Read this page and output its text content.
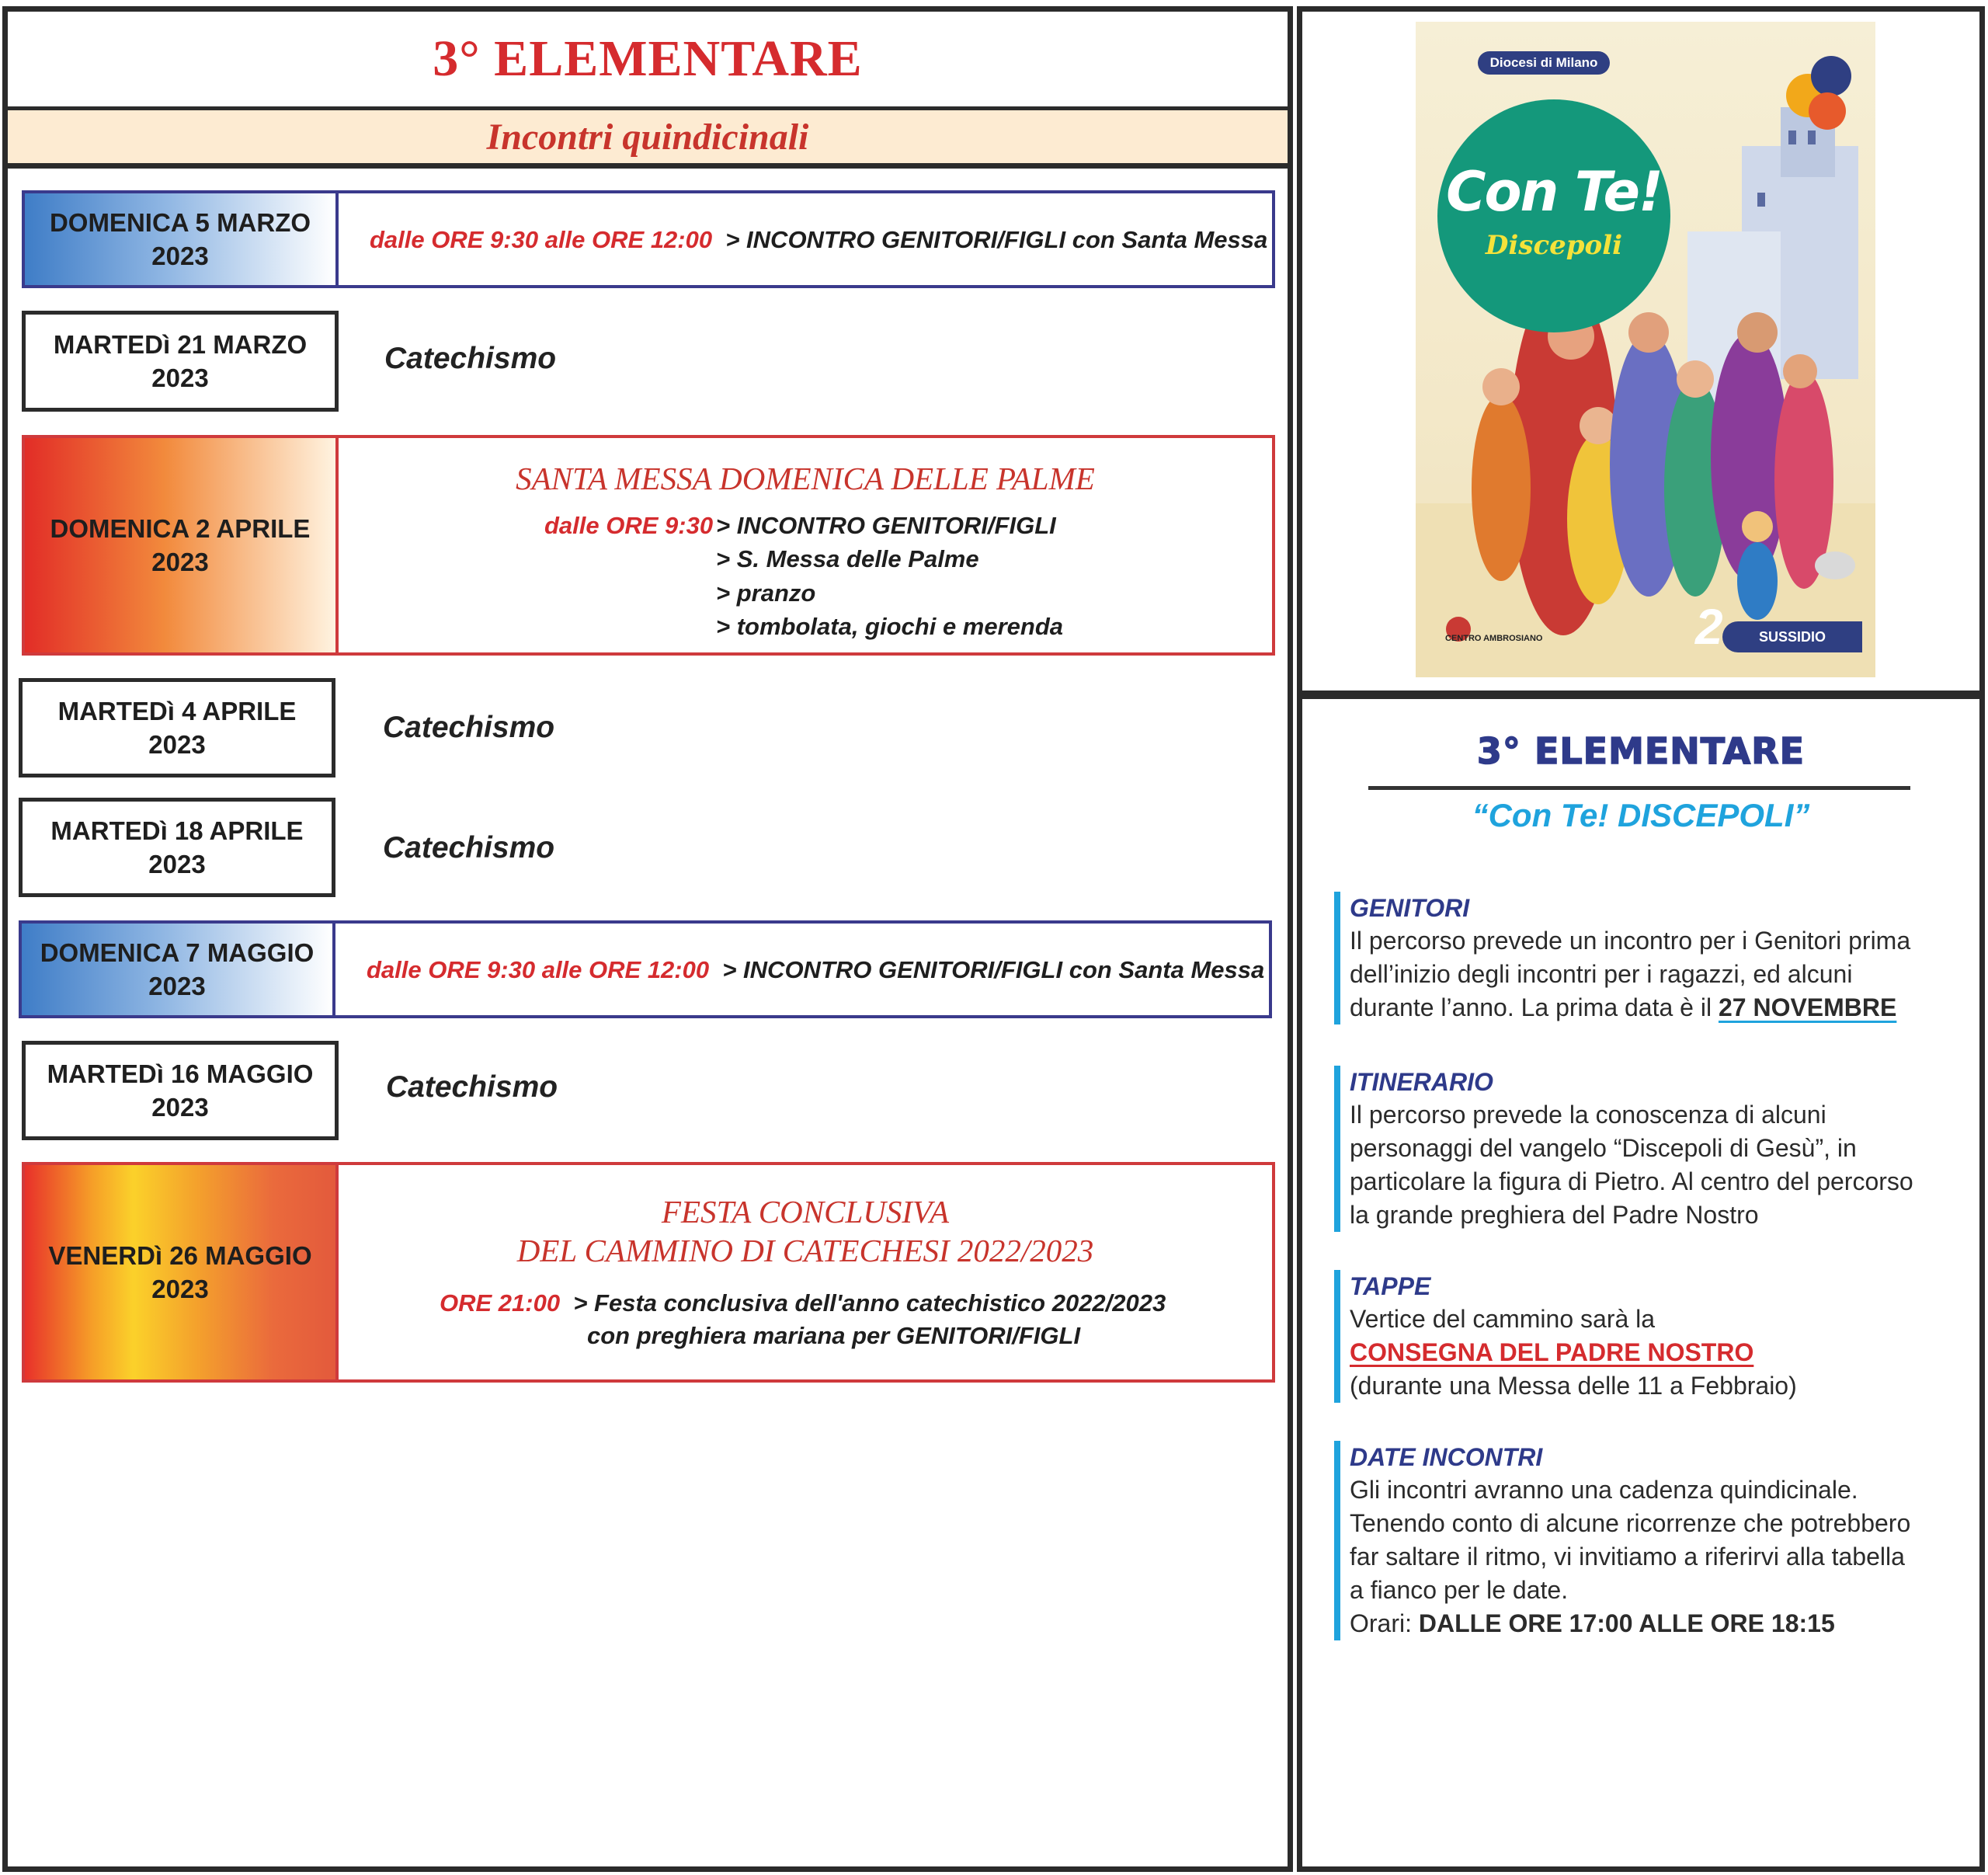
3° ELEMENTARE
Incontri quindicinali
DOMENICA 5 MARZO
2023
dalle ORE 9:30 alle ORE 12:00 > INCONTRO GENITORI/FIGLI con Santa Messa
MARTEDì 21 MARZO
2023
Catechismo
DOMENICA 2 APRILE
2023
SANTA MESSA DOMENICA DELLE PALME
dalle ORE 9:30 > INCONTRO GENITORI/FIGLI
> S. Messa delle Palme
> pranzo
> tombolata, giochi e merenda
MARTEDì 4 APRILE
2023
Catechismo
MARTEDì 18 APRILE
2023	Catechismo
DOMENICA 7 MAGGIO
2023
dalle ORE 9:30 alle ORE 12:00 > INCONTRO GENITORI/FIGLI con Santa Messa
MARTEDì 16 MAGGIO
2023
Catechismo
VENERDì 26 MAGGIO
2023
FESTA CONCLUSIVA
DEL CAMMINO DI CATECHESI 2022/2023
ORE 21:00 > Festa conclusiva dell'anno catechistico 2022/2023
con preghiera mariana per GENITORI/FIGLI
Diocesi di Milano
Con Te!
Discepoli
CENTRO AMBROSIANO	SUSSIDIO
2
3° ELEMENTARE
“Con Te! DISCEPOLI”
GENITORI
Il percorso prevede un incontro per i Genitori prima
dell’inizio degli incontri per i ragazzi, ed alcuni
durante l’anno. La prima data è il 27 NOVEMBRE
ITINERARIO
Il percorso prevede la conoscenza di alcuni
personaggi del vangelo “Discepoli di Gesù”, in
particolare la figura di Pietro. Al centro del percorso
la grande preghiera del Padre Nostro
TAPPE
Vertice del cammino sarà la
CONSEGNA DEL PADRE NOSTRO
(durante una Messa delle 11 a Febbraio)
DATE INCONTRI
Gli incontri avranno una cadenza quindicinale.
Tenendo conto di alcune ricorrenze che potrebbero
far saltare il ritmo, vi invitiamo a riferirvi alla tabella
a fianco per le date.
Orari: DALLE ORE 17:00 ALLE ORE 18:15
